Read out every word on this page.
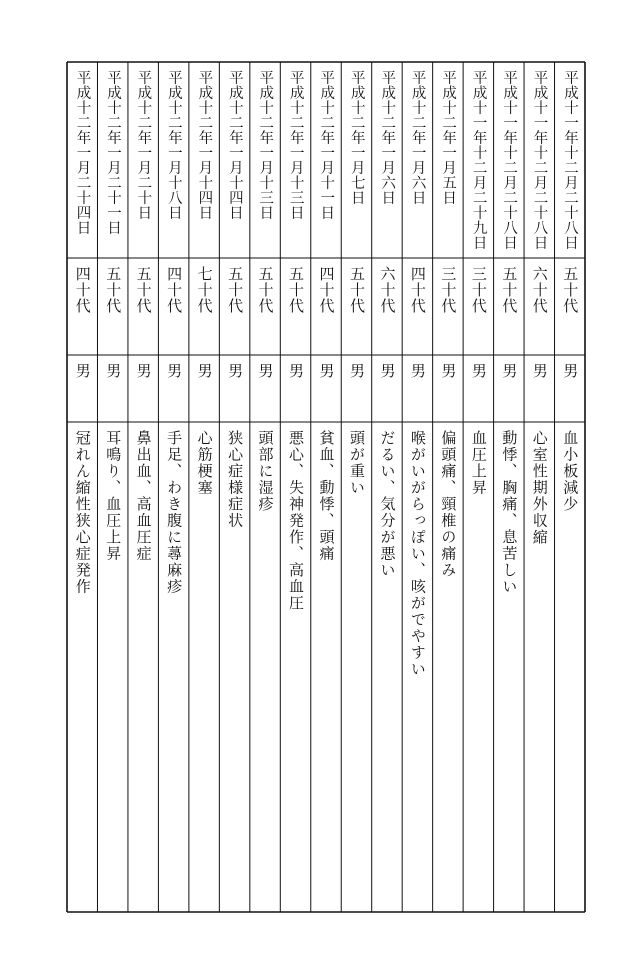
平成十一年十二月二十八日
五十代
男
血小板減少
平成十一年十二月二十八日
六十代
男
心室性期外収縮
平成十一年十二月二十八日
五十代
男
動悸、胸痛、息苦しい
平成十一年十二月二十九日
三十代
男
血圧上昇
平成十二年一月五日
三十代
男
偏頭痛、頸椎の痛み
平成十二年一月六日
四十代
男
喉がいがらっぽい、咳がでやすい
平成十二年一月六日
六十代
男
だるい、気分が悪い
平成十二年一月七日
五十代
男
頭が重い
平成十二年一月十一日
四十代
男
貧血、動悸、頭痛
平成十二年一月十三日
五十代
男
悪心、失神発作、高血圧
平成十二年一月十三日
五十代
男
頭部に湿疹
平成十二年一月十四日
五十代
男
狭心症様症状
平成十二年一月十四日
七十代
男
心筋梗塞
平成十二年一月十八日
四十代
男
手足、わき腹に蕁麻疹
平成十二年一月二十日
五十代
男
鼻出血、高血圧症
平成十二年一月二十一日
五十代
男
耳鳴り、血圧上昇
平成十二年一月二十四日
四十代
男
冠れん縮性狭心症発作
